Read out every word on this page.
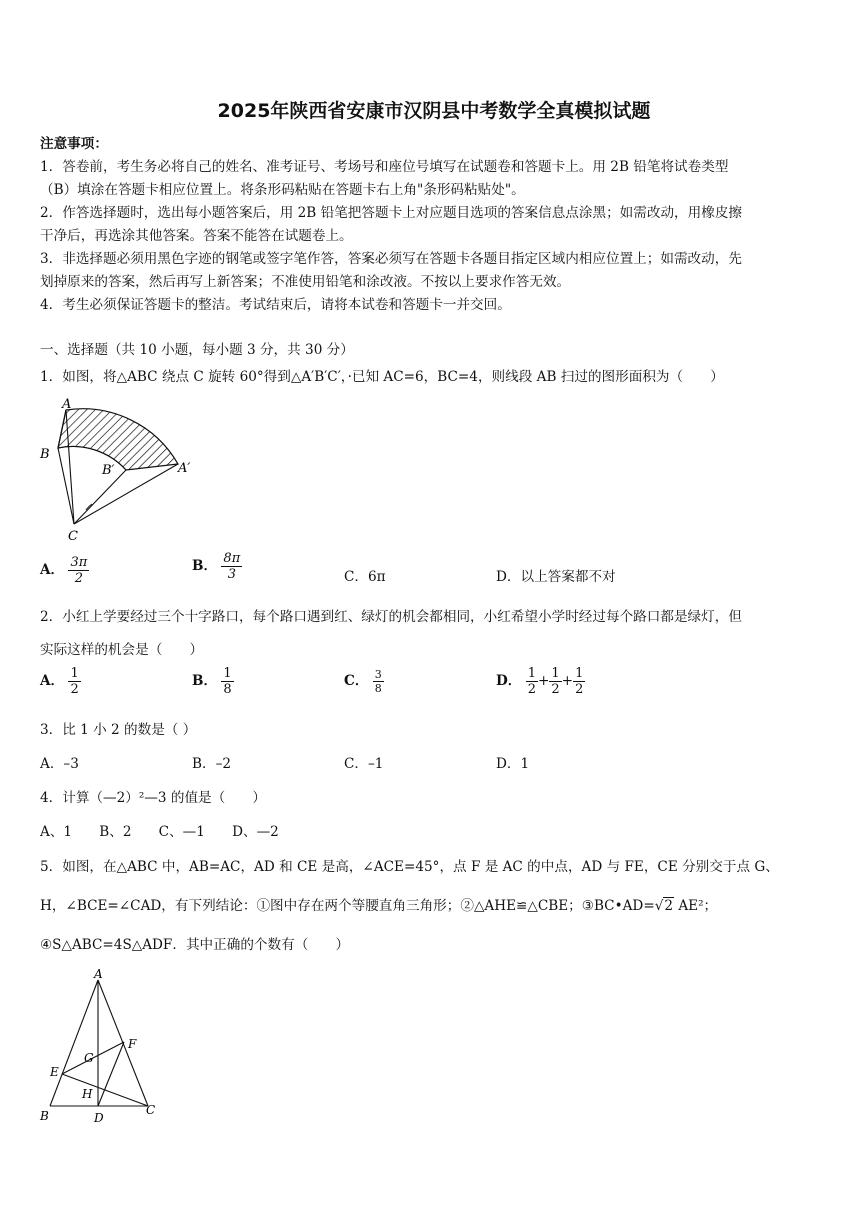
2025年陕西省安康市汉阴县中考数学全真模拟试题
注意事项：
1．答卷前，考生务必将自己的姓名、准考证号、考场号和座位号填写在试题卷和答题卡上。用 2B 铅笔将试卷类型
（B）填涂在答题卡相应位置上。将条形码粘贴在答题卡右上角"条形码粘贴处"。
2．作答选择题时，选出每小题答案后，用 2B 铅笔把答题卡上对应题目选项的答案信息点涂黑；如需改动，用橡皮擦
干净后，再选涂其他答案。答案不能答在试题卷上。
3．非选择题必须用黑色字迹的钢笔或签字笔作答，答案必须写在答题卡各题目指定区域内相应位置上；如需改动，先
划掉原来的答案，然后再写上新答案；不准使用铅笔和涂改液。不按以上要求作答无效。
4．考生必须保证答题卡的整洁。考试结束后，请将本试卷和答题卡一并交回。
一、选择题（共 10 小题，每小题 3 分，共 30 分）
1．如图，将△ABC 绕点 C 旋转 60°得到△A′B′C′，·已知 AC=6，BC=4，则线段 AB 扫过的图形面积为（　　）
A
B
B′	A′
C
A． $\frac{3\pi}{2}$	B． $\frac{8\pi}{3}$	C．6π	D．以上答案都不对
2．小红上学要经过三个十字路口，每个路口遇到红、绿灯的机会都相同，小红希望小学时经过每个路口都是绿灯，但
实际这样的机会是（　　）
A． $\frac{1}{2}$	B． $\frac{1}{8}$	C． $\frac{3}{8}$	D． $\frac{1}{2} + \frac{1}{2} + \frac{1}{2}$
3．比 1 小 2 的数是（ ）
A．–3	B．–2	C．–1	D．1
4．计算（—2）²—3 的值是（　　）
A、1　　B、2　　C、—1　　D、—2
5．如图，在△ABC 中，AB=AC，AD 和 CE 是高，∠ACE=45°，点 F 是 AC 的中点，AD 与 FE，CE 分别交于点 G、
H，∠BCE=∠CAD，有下列结论：①图中存在两个等腰直角三角形；②△AHE≌△CBE；③BC•AD=√2 AE²；
④S△ABC=4S△ADF．其中正确的个数有（　　）
A
F
G
E
H
B	D
C
